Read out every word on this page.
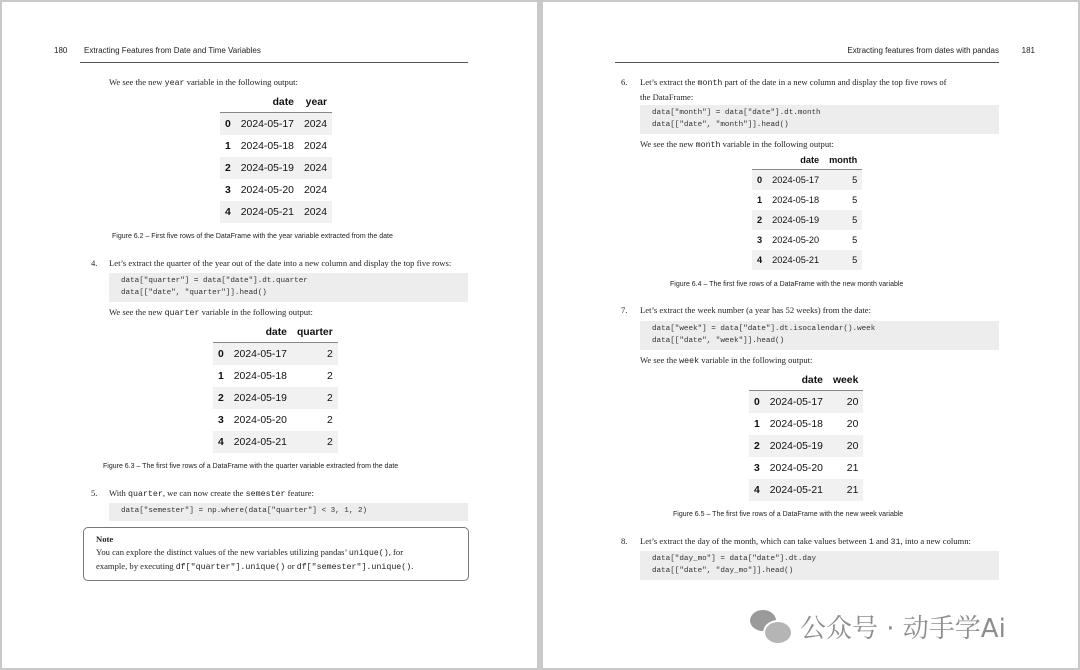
180 Extracting Features from Date and Time Variables
We see the new year variable in the following output:
	date	year
0	2024-05-17	2024
1	2024-05-18	2024
2	2024-05-19	2024
3	2024-05-20	2024
4	2024-05-21	2024
Figure 6.2 – First five rows of the DataFrame with the year variable extracted from the date
4. Let’s extract the quarter of the year out of the date into a new column and display the top five rows:
data["quarter"] = data["date"].dt.quarter
data[["date", "quarter"]].head()
We see the new quarter variable in the following output:
	date	quarter
0	2024-05-17	2
1	2024-05-18	2
2	2024-05-19	2
3	2024-05-20	2
4	2024-05-21	2
Figure 6.3 – The first five rows of a DataFrame with the quarter variable extracted from the date
5. With quarter, we can now create the semester feature:
data["semester"] = np.where(data["quarter"] < 3, 1, 2)
Note
You can explore the distinct values of the new variables utilizing pandas’ unique(), for
example, by executing df["quarter"].unique() or df["semester"].unique().
Extracting features from dates with pandas	181
6. Let’s extract the month part of the date in a new column and display the top five rows of
the DataFrame:
data["month"] = data["date"].dt.month
data[["date", "month"]].head()
We see the new month variable in the following output:
	date	month
0	2024-05-17	5
1	2024-05-18	5
2	2024-05-19	5
3	2024-05-20	5
4	2024-05-21	5
Figure 6.4 – The first five rows of a DataFrame with the new month variable
7. Let’s extract the week number (a year has 52 weeks) from the date:
data["week"] = data["date"].dt.isocalendar().week
data[["date", "week"]].head()
We see the week variable in the following output:
	date	week
0	2024-05-17	20
1	2024-05-18	20
2	2024-05-19	20
3	2024-05-20	21
4	2024-05-21	21
Figure 6.5 – The first five rows of a DataFrame with the new week variable
8. Let’s extract the day of the month, which can take values between 1 and 31, into a new column:
data["day_mo"] = data["date"].dt.day
data[["date", "day_mo"]].head()
公众号 · 动手学Ai
